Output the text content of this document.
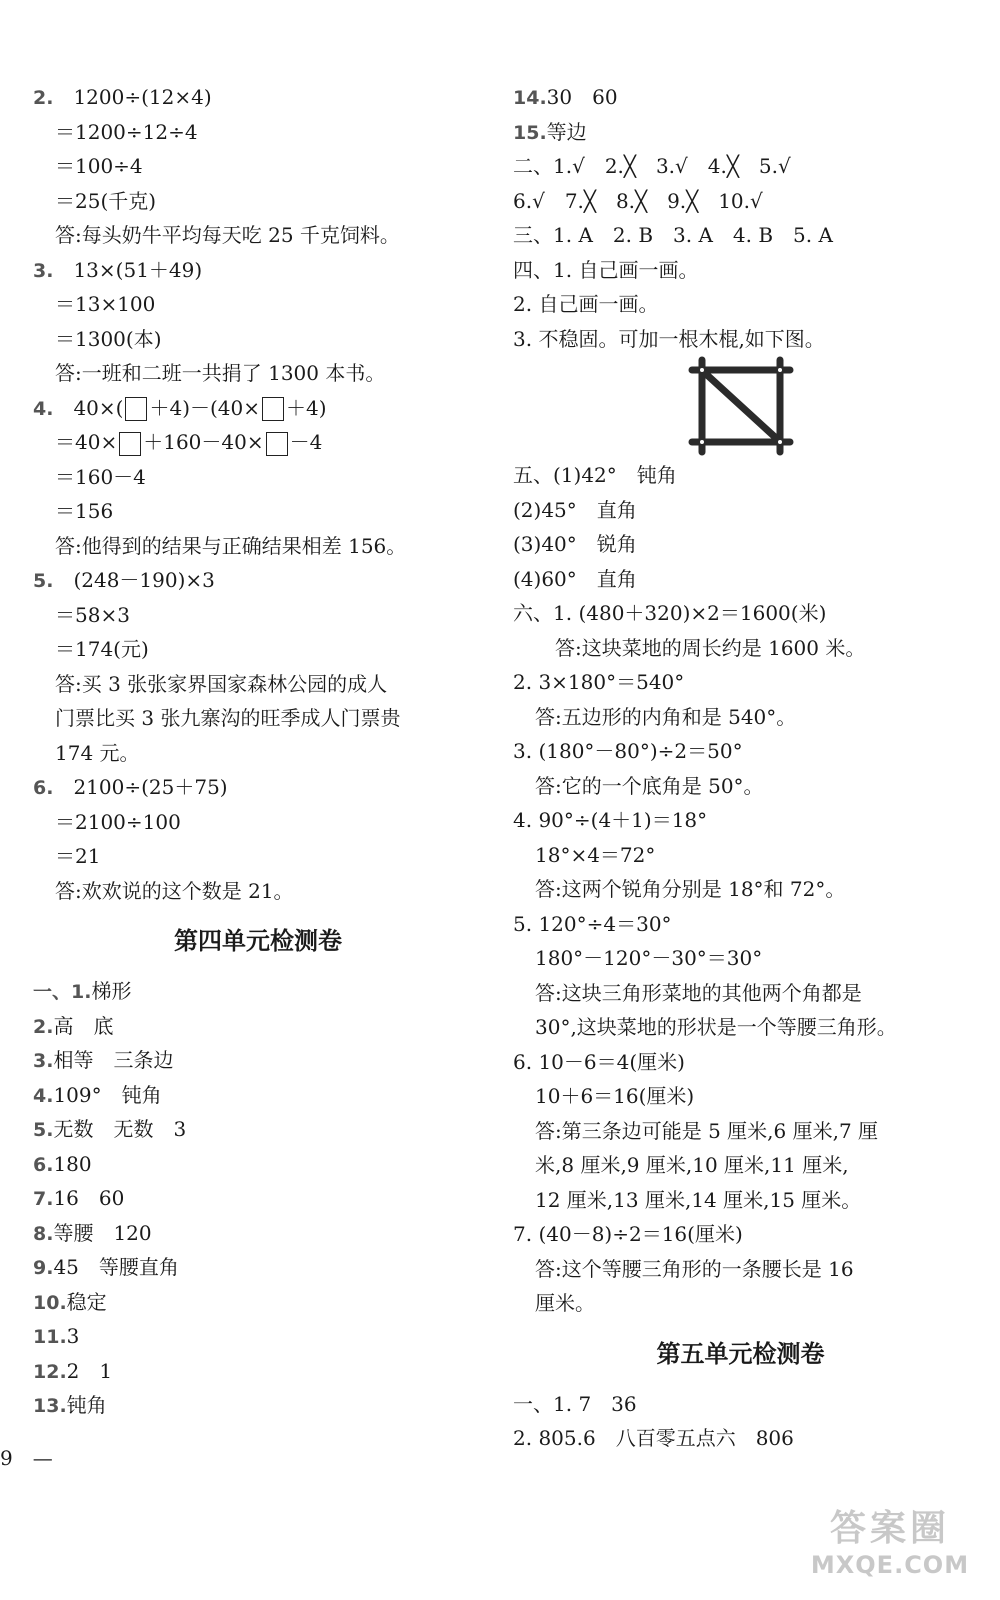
2.　 1200÷(12×4)
＝1200÷12÷4
＝100÷4
＝25(千克)
答:每头奶牛平均每天吃 25 千克饲料。
3.　 13×(51＋49)
＝13×100
＝1300(本)
答:一班和二班一共捐了 1300 本书。
4.　 40×( ＋4)－(40× ＋4)
＝40× ＋160－40× －4
＝160－4
＝156
答:他得到的结果与正确结果相差 156。
5.　 (248－190)×3
＝58×3
＝174(元)
答:买 3 张张家界国家森林公园的成人
门票比买 3 张九寨沟的旺季成人门票贵
174 元。
6.　 2100÷(25＋75)
＝2100÷100
＝21
答:欢欢说的这个数是 21。
第四单元检测卷
一、1.梯形
2.高　底
3.相等　三条边
4.109°　钝角
5.无数　无数　3
6.180
7.16　60
8.等腰　120
9.45　等腰直角
10.稳定
11.3
12.2　1
13.钝角
14.30　60
15.等边
二、1.√　2.╳　3.√　4.╳　5.√
6.√　7.╳　8.╳　9.╳　10.√
三、1. A　2. B　3. A　4. B　5. A
四、1. 自己画一画。
2. 自己画一画。
3. 不稳固。可加一根木棍,如下图。
五、(1)42°　钝角
(2)45°　直角
(3)40°　锐角
(4)60°　直角
六、1. (480＋320)×2＝1600(米)
答:这块菜地的周长约是 1600 米。
2. 3×180°＝540°
答:五边形的内角和是 540°。
3. (180°－80°)÷2＝50°
答:它的一个底角是 50°。
4. 90°÷(4＋1)＝18°
18°×4＝72°
答:这两个锐角分别是 18°和 72°。
5. 120°÷4＝30°
180°－120°－30°＝30°
答:这块三角形菜地的其他两个角都是
30°,这块菜地的形状是一个等腰三角形。
6. 10－6＝4(厘米)
10＋6＝16(厘米)
答:第三条边可能是 5 厘米,6 厘米,7 厘
米,8 厘米,9 厘米,10 厘米,11 厘米,
12 厘米,13 厘米,14 厘米,15 厘米。
7. (40－8)÷2＝16(厘米)
答:这个等腰三角形的一条腰长是 16
厘米。
第五单元检测卷
一、1. 7　36
2. 805.6　八百零五点六　806
9　—
答案圈
MXQE.COM
